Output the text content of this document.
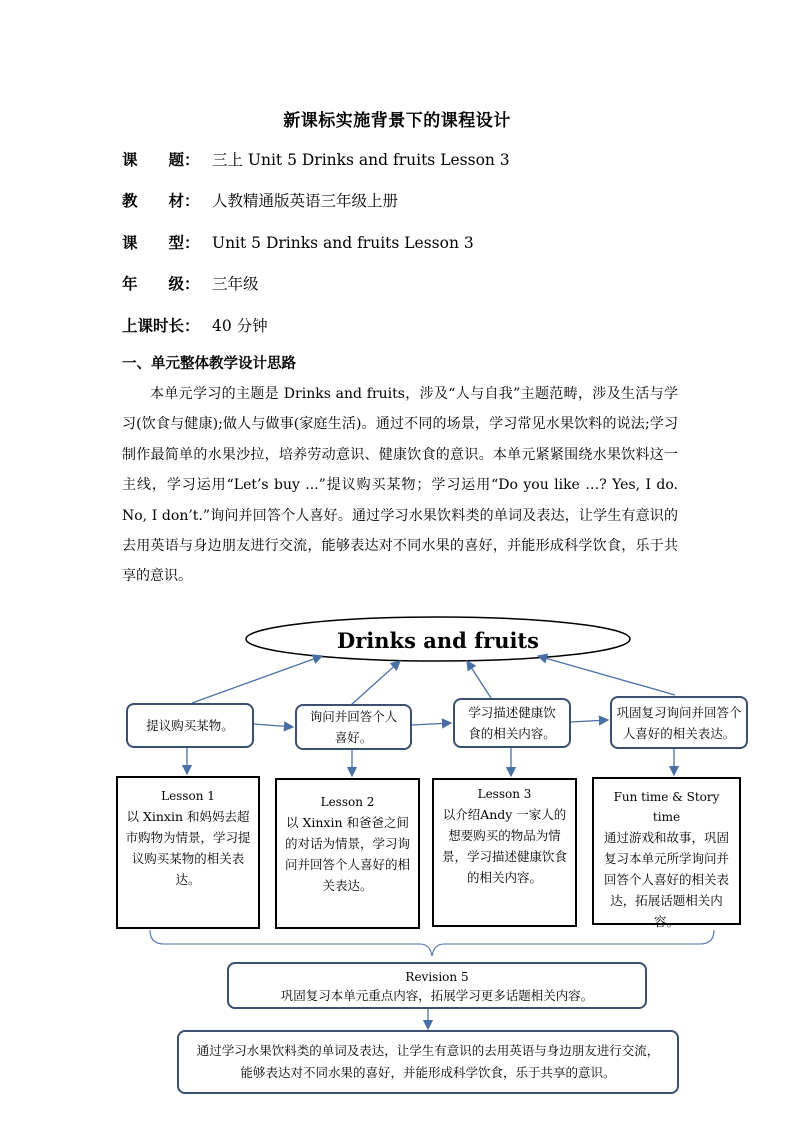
新课标实施背景下的课程设计
课　　题： 三上 Unit 5 Drinks and fruits Lesson 3
教　　材： 人教精通版英语三年级上册
课　　型： Unit 5 Drinks and fruits Lesson 3
年　　级： 三年级
上课时长： 40 分钟
一、单元整体教学设计思路
本单元学习的主题是 Drinks and fruits，涉及“人与自我”主题范畴，涉及生活与学习(饮食与健康);做人与做事(家庭生活)。通过不同的场景，学习常见水果饮料的说法;学习制作最简单的水果沙拉，培养劳动意识、健康饮食的意识。本单元紧紧围绕水果饮料这一主线，学习运用“Let’s buy ...”提议购买某物；学习运用“Do you like …? Yes, I do. No, I don’t.”询问并回答个人喜好。通过学习水果饮料类的单词及表达，让学生有意识的去用英语与身边朋友进行交流，能够表达对不同水果的喜好，并能形成科学饮食，乐于共享的意识。
Drinks and fruits
提议购买某物。
询问并回答个人喜好。
学习描述健康饮食的相关内容。
巩固复习询问并回答个人喜好的相关表达。
Lesson 1
以 Xinxin 和妈妈去超市购物为情景，学习提议购买某物的相关表达。
Lesson 2
以 Xinxin 和爸爸之间的对话为情景，学习询问并回答个人喜好的相关表达。
Lesson 3
以介绍Andy 一家人的想要购买的物品为情景，学习描述健康饮食的相关内容。
Fun time & Story time
通过游戏和故事，巩固复习本单元所学询问并回答个人喜好的相关表达，拓展话题相关内容。
Revision 5
巩固复习本单元重点内容，拓展学习更多话题相关内容。
通过学习水果饮料类的单词及表达，让学生有意识的去用英语与身边朋友进行交流，能够表达对不同水果的喜好，并能形成科学饮食，乐于共享的意识。
